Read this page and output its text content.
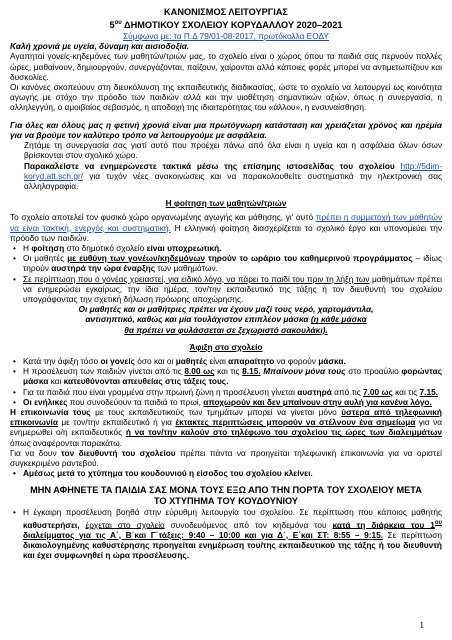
ΚΑΝΟΝΙΣΜΟΣ ΛΕΙΤΟΥΡΓΙΑΣ

$5^{o\upsilon}$ ΔΗΜΟΤΙΚΟΥ ΣΧΟΛΕΙΟΥ ΚΟΡΥΔΑΛΛΟΥ 2020–2021

Σύμφωνα με: τα Π.Δ 79/01-08-2017, πρωτόκολλα ΕΟΔΥ

Καλή χρονιά με υγεία, δύναμη και αισιοδοξία.

Αγαπητοί γονείς-κηδεμόνες των μαθητών/τριών μας, το σχολείο είναι ο χώρος όπου τα παιδιά σας περνούν πολλές ώρες, μαθαίνουν, δημιουργούν, συνεργάζονται, παίζουν, χαίρονται αλλά κάποιες φορές μπορεί να αντιμετωπίζουν και δυσκολίες.

Οι κανόνες σκοπεύουν στη διευκόλυνση της εκπαιδευτικής διαδικασίας, ώστε το σχολείο να λειτουργεί ως κοινότητα αγωγής με στόχο την πρόοδο των παιδιών αλλά και την υιοθέτηση σημαντικών αξιών, όπως η συνεργασία, η αλληλεγγύη, ο αμοιβαίος σεβασμός, η αποδοχή της ιδιαιτερότητας του «άλλου», η ενσυναίσθηση.

Για όλες και όλους μας η φετινή χρονιά είναι μια πρωτόγνωρη κατάσταση και χρειάζεται χρόνος και ηρεμία για να βρούμε τον καλύτερο τρόπο να λειτουργούμε με ασφάλεια.

Ζητάμε τη συνεργασία σας γιατί αυτό που προέχει πάνω από όλα είναι η υγεία και η ασφάλεια όλων όσων βρίσκονται στον σχολικό χώρο.

Παρακαλείστε να ενημερώνεστε τακτικά μέσω της επίσημης ιστοσελίδας του σχολείου http://5dim-koryd.att.sch.gr/ για τυχόν νέες ανακοινώσεις και να παρακολουθείτε συστηματικά την ηλεκτρονική σας αλληλογραφία.

Η φοίτηση των μαθητών/τριών

Το σχολείο αποτελεί τον φυσικό χώρο οργανωμένης αγωγής και μάθησης, γι' αυτό πρέπει η συμμετοχή των μαθητών να είναι τακτική, ενεργός και συστηματική. Η ελληνική φοίτηση διασχερίζεται το σχολικό έργο και υπονομεύει την πρόοδο των παιδιών.

• Η φοίτηση στο δημοτικό σχολείο είναι υποχρεωτική.
• Οι μαθητές με ευθύνη των γονέων/κηδεμόνων τηρούν το ωράριο του καθημερινού προγράμματος – ιδίως τηρούν αυστηρά την ώρα έναρξης των μαθημάτων.
• Σε περίπτωση που ο γονέας χρειαστεί, για ειδικό λόγο, να πάρει το παιδί του πριν τη λήξη των μαθημάτων πρέπει να ενημερώσει εγκαίρως, την ίδια ημέρα, τον/την εκπαιδευτικό της τάξης ή τον διευθυντή του σχολείου υπογράφοντας την σχετική δήλωση πρόωρης αποχώρησης.

Οι μαθητές και οι μαθήτριες πρέπει να έχουν μαζί τους νερό, χαρτομάντιλα,

αντισηπτικό, καθώς και μία τουλάχιστον επιπλέον μάσκα (η κάθε μάσκα

θα πρέπει να φυλάσσεται σε ξεχωριστό σακουλάκι).

Άφιξη στο σχολείο

• Κατά την άφιξη τόσο οι γονείς όσο και οι μαθητές είναι απαραίτητο να φορούν μάσκα.
• Η προσέλευση των παιδιών γίνεται από τις 8.00 ως και τις 8.15. Μπαίνουν μόνα τους στο προαύλιο φορώντας μάσκα και κατευθύνονται απευθείας στις τάξεις τους.
• Για τα παιδιά που είναι γραμμένα στην πρωινή ζώνη η προσέλευση γίνεται αυστηρά από τις 7.00 ως και τις 7.15.
• Οι ενήλικες που συνοδεύουν τα παιδιά το πρωί, αποχωρούν και δεν μπαίνουν στην αυλή για κανένα λόγο.

Η επικοινωνία τους με τους εκπαιδευτικούς των τμημάτων μπορεί να γίνεται μόνο ύστερα από τηλεφωνική επικοινωνία με τον/την εκπαιδευτικό ή για έκτακτες περιπτώσεις μπορούν να στέλνουν ένα σημείωμα για να ενημερωθεί ο/η εκπαιδευτικός ή να τον/την καλούν στο τηλέφωνο του σχολείου τις ώρες των διαλειμμάτων όπως αναφέρονται παρακάτω.

Για να δουν τον διευθυντή του σχολείου πρέπει πάντα να προηγείται τηλεφωνική επικοινωνία για να οριστεί συγκεκριμένο ραντεβού.

• Αμέσως μετά το χτύπημα του κουδουνιού η είσοδος του σχολείου κλείνει.

ΜΗΝ ΑΦΗΝΕΤΕ ΤΑ ΠΑΙΔΙΑ ΣΑΣ ΜΟΝΑ ΤΟΥΣ ΕΞΩ ΑΠΟ ΤΗΝ ΠΟΡΤΑ ΤΟΥ ΣΧΟΛΕΙΟΥ ΜΕΤΑ

ΤΟ ΧΤΥΠΗΜΑ ΤΟΥ ΚΟΥΔΟΥΝΙΟΥ

• Η έγκαιρη προσέλευση βοηθά στην εύρυθμη λειτουργία του σχολείου. Σε περίπτωση που κάποιος μαθητής καθυστερήσει, έρχεται στο σχολείο συνοδευόμενος από τον κηδεμόνα του κατά τη διάρκεια του $1^{o\upsilon}$ διαλείμματος για τις Α΄, Β΄και Γ΄τάξεις: 9:40 – 10:00 και για Δ΄, Ε΄και ΣΤ: 8:55 – 9:15. Σε περίπτωση δικαιολογημένης καθυστέρησης προηγείται ενημέρωση του/της εκπαιδευτικού της τάξης ή του διευθυντή και έχει συμφωνηθεί η ώρα προσέλευσης.
1
